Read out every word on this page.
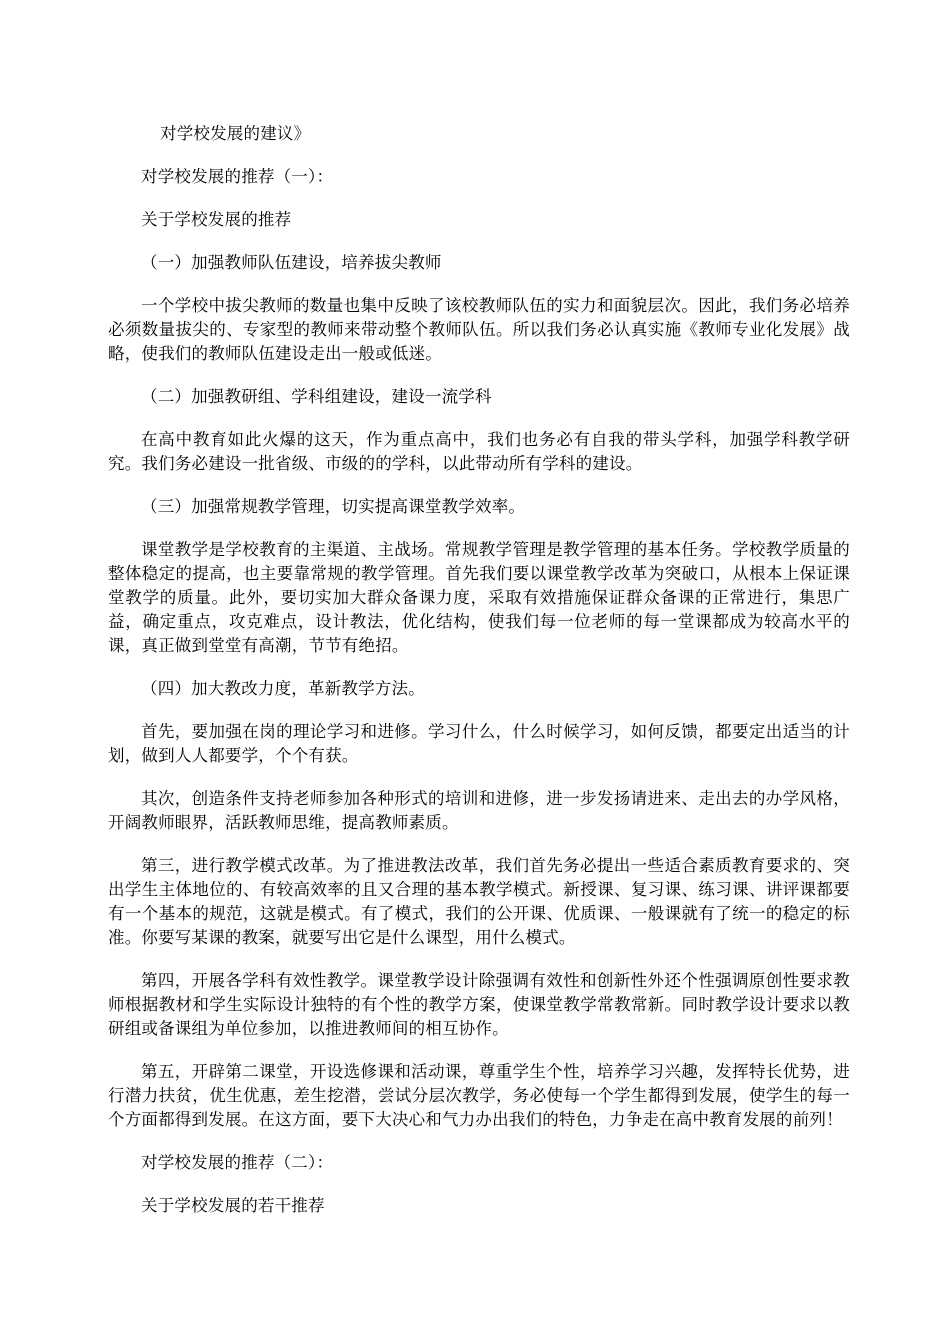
对学校发展的建议》

对学校发展的推荐（一）：

关于学校发展的推荐

（一）加强教师队伍建设，培养拔尖教师

一个学校中拔尖教师的数量也集中反映了该校教师队伍的实力和面貌层次。因此，我们务必培养必须数量拔尖的、专家型的教师来带动整个教师队伍。所以我们务必认真实施《教师专业化发展》战略，使我们的教师队伍建设走出一般或低迷。

（二）加强教研组、学科组建设，建设一流学科

在高中教育如此火爆的这天，作为重点高中，我们也务必有自我的带头学科，加强学科教学研究。我们务必建设一批省级、市级的的学科，以此带动所有学科的建设。

（三）加强常规教学管理，切实提高课堂教学效率。

课堂教学是学校教育的主渠道、主战场。常规教学管理是教学管理的基本任务。学校教学质量的整体稳定的提高，也主要靠常规的教学管理。首先我们要以课堂教学改革为突破口，从根本上保证课堂教学的质量。此外，要切实加大群众备课力度，采取有效措施保证群众备课的正常进行，集思广益，确定重点，攻克难点，设计教法，优化结构，使我们每一位老师的每一堂课都成为较高水平的课，真正做到堂堂有高潮，节节有绝招。

（四）加大教改力度，革新教学方法。

首先，要加强在岗的理论学习和进修。学习什么，什么时候学习，如何反馈，都要定出适当的计划，做到人人都要学，个个有获。

其次，创造条件支持老师参加各种形式的培训和进修，进一步发扬请进来、走出去的办学风格，开阔教师眼界，活跃教师思维，提高教师素质。

第三，进行教学模式改革。为了推进教法改革，我们首先务必提出一些适合素质教育要求的、突出学生主体地位的、有较高效率的且又合理的基本教学模式。新授课、复习课、练习课、讲评课都要有一个基本的规范，这就是模式。有了模式，我们的公开课、优质课、一般课就有了统一的稳定的标准。你要写某课的教案，就要写出它是什么课型，用什么模式。

第四，开展各学科有效性教学。课堂教学设计除强调有效性和创新性外还个性强调原创性要求教师根据教材和学生实际设计独特的有个性的教学方案，使课堂教学常教常新。同时教学设计要求以教研组或备课组为单位参加，以推进教师间的相互协作。

第五，开辟第二课堂，开设选修课和活动课，尊重学生个性，培养学习兴趣，发挥特长优势，进行潜力扶贫，优生优惠，差生挖潜，尝试分层次教学，务必使每一个学生都得到发展，使学生的每一个方面都得到发展。在这方面，要下大决心和气力办出我们的特色，力争走在高中教育发展的前列！

对学校发展的推荐（二）：

关于学校发展的若干推荐
